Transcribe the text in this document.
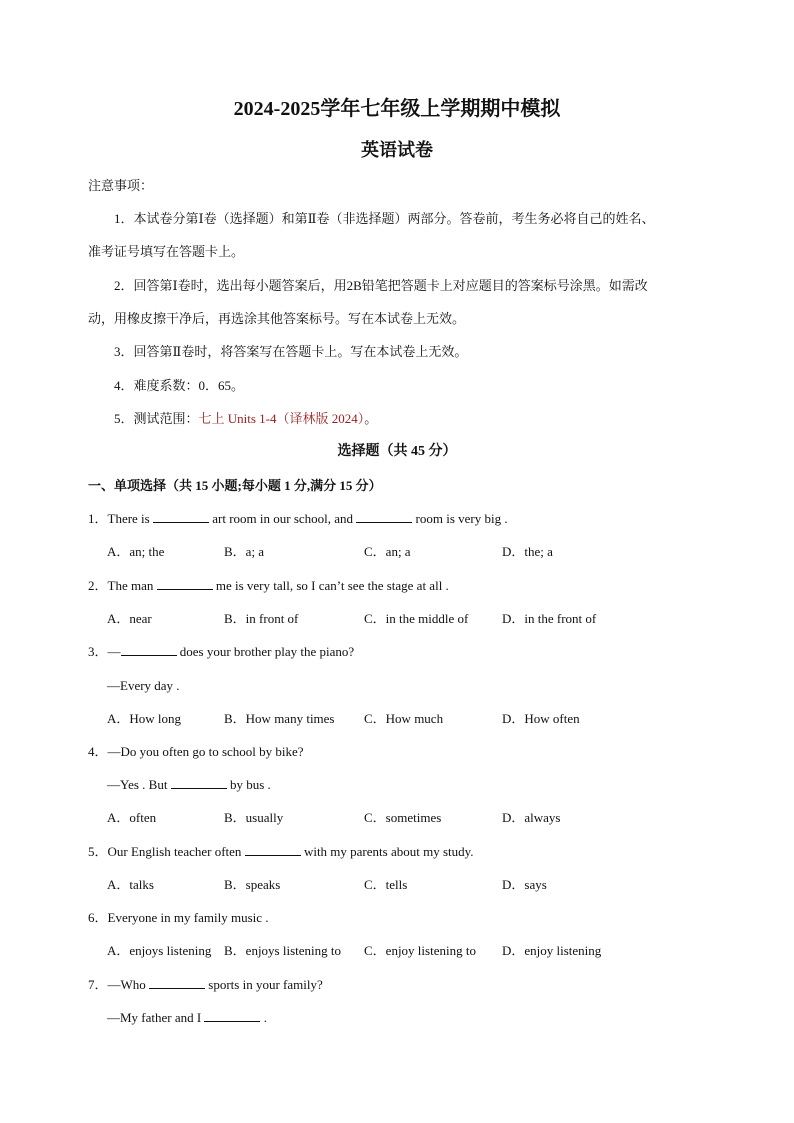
2024-2025学年七年级上学期期中模拟
英语试卷
注意事项：
1．本试卷分第Ⅰ卷（选择题）和第Ⅱ卷（非选择题）两部分。答卷前，考生务必将自己的姓名、
准考证号填写在答题卡上。
2．回答第Ⅰ卷时，选出每小题答案后，用2B铅笔把答题卡上对应题目的答案标号涂黑。如需改
动，用橡皮擦干净后，再选涂其他答案标号。写在本试卷上无效。
3．回答第Ⅱ卷时，将答案写在答题卡上。写在本试卷上无效。
4．难度系数：0．65。
5．测试范围：七上 Units 1-4（译林版 2024）。
选择题（共 45 分）
一、单项选择（共 15 小题;每小题 1 分,满分 15 分）
1．There is	art room in our school, and	room is very big .
A．an; the	B．a; a	C．an; a	D．the; a
2．The man	me is very tall, so I can’t see the stage at all .
A．near	B．in front of	C．in the middle of	D．in the front of
3．—	does your brother play the piano?
—Every day .
A．How long	B．How many times C．How much	D．How often
4．—Do you often go to school by bike?
—Yes . But	by bus .
A．often	B．usually	C．sometimes	D．always
5．Our English teacher often	with my parents about my study.
A．talks	B．speaks	C．tells	D．says
6．Everyone in my family music .
A．enjoys listening B．enjoys listening to C．enjoy listening to D．enjoy listening
7．—Who	sports in your family?
—My father and I	.
